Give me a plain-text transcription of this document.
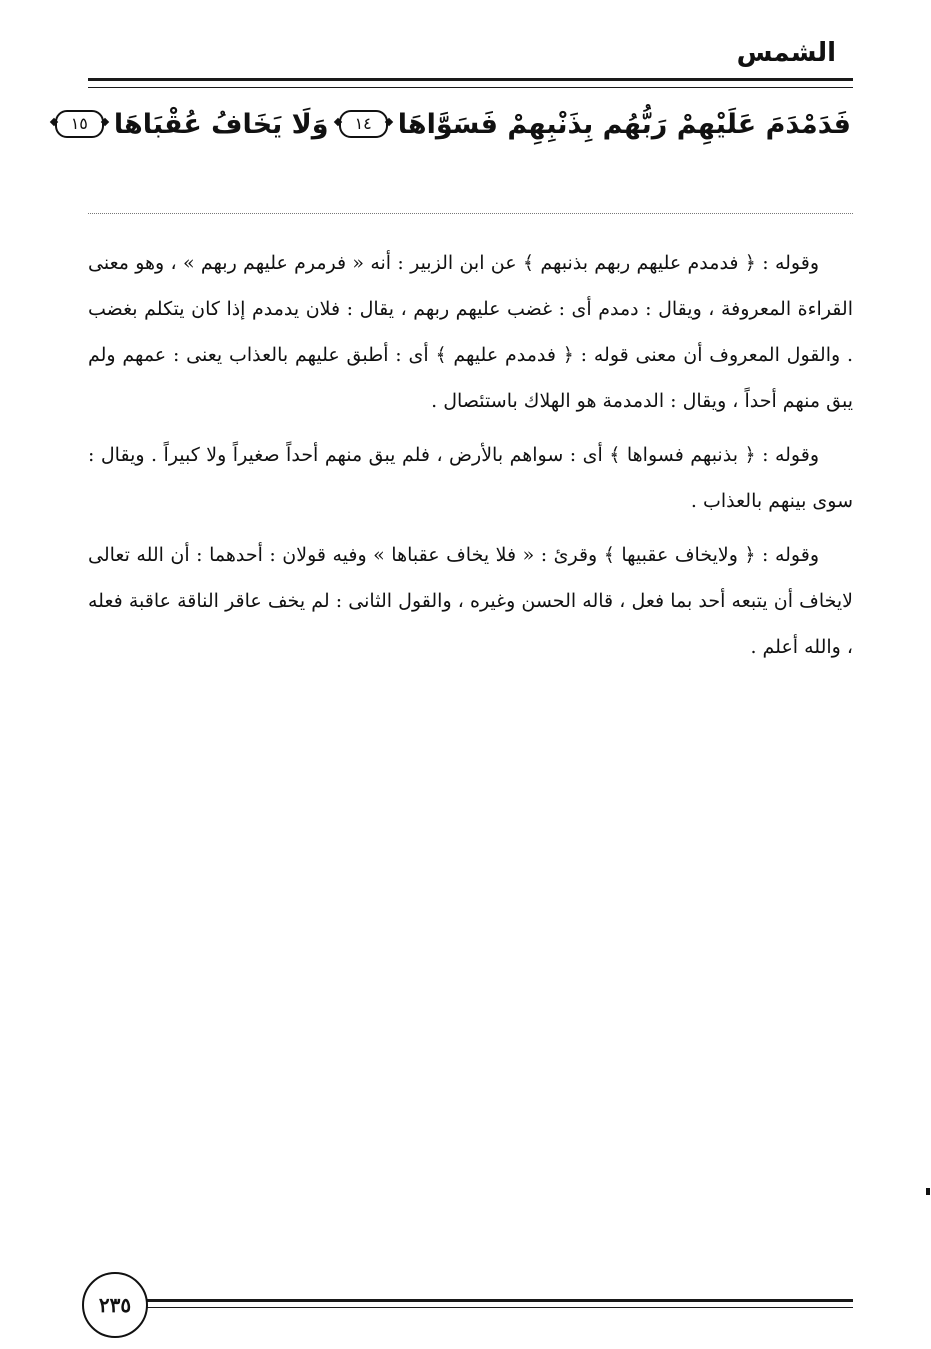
الشمس
فَدَمْدَمَ عَلَيْهِمْ رَبُّهُم بِذَنْبِهِمْ فَسَوَّاهَا
١٤
وَلَا يَخَافُ عُقْبَاهَا
١٥

وقوله : ﴿ فدمدم عليهم ربهم بذنبهم ﴾ عن ابن الزبير : أنه « فرمرم عليهم ربهم » ، وهو معنى القراءة المعروفة ، ويقال : دمدم أى : غضب عليهم ربهم ، يقال : فلان يدمدم إذا كان يتكلم بغضب . والقول المعروف أن معنى قوله : ﴿ فدمدم عليهم ﴾ أى : أطبق عليهم بالعذاب يعنى : عمهم ولم يبق منهم أحداً ، ويقال : الدمدمة هو الهلاك باستئصال .

وقوله : ﴿ بذنبهم فسواها ﴾ أى : سواهم بالأرض ، فلم يبق منهم أحداً صغيراً ولا كبيراً . ويقال : سوى بينهم بالعذاب .

وقوله : ﴿ ولايخاف عقبيها ﴾ وقرئ : « فلا يخاف عقباها » وفيه قولان : أحدهما : أن الله تعالى لايخاف أن يتبعه أحد بما فعل ، قاله الحسن وغيره ، والقول الثانى : لم يخف عاقر الناقة عاقبة فعله ، والله أعلم .

٢٣٥
